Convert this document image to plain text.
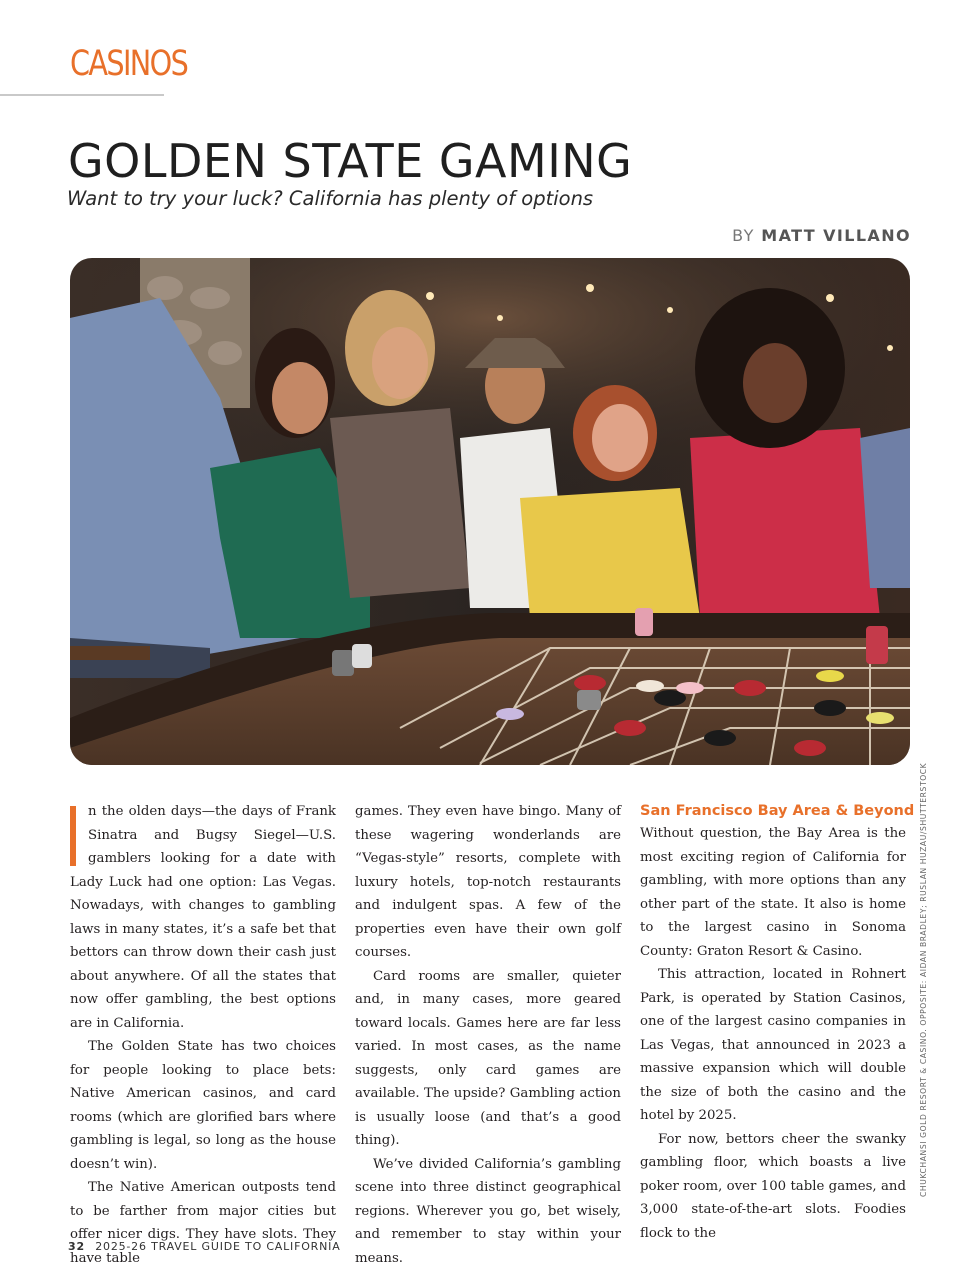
CASINOS
GOLDEN STATE GAMING
Want to try your luck? California has plenty of options
BY MATT VILLANO
CHUKCHANSI GOLD RESORT & CASINO. OPPOSITE: AIDAN BRADLEY; RUSLAN HUZAU/SHUTTERSTOCK

n the olden days—the days of Frank Sinatra and Bugsy Siegel—U.S. gamblers looking for a date with Lady Luck had one option: Las Vegas. Nowadays, with changes to gambling laws in many states, it’s a safe bet that bettors can throw down their cash just about anywhere. Of all the states that now offer gambling, the best options are in California.

The Golden State has two choices for people looking to place bets: Native American casinos, and card rooms (which are glorified bars where gambling is legal, so long as the house doesn’t win).

The Native American outposts tend to be farther from major cities but offer nicer digs. They have slots. They have table

games. They even have bingo. Many of these wagering wonderlands are “Vegas-style” resorts, complete with luxury hotels, top-notch restaurants and indulgent spas. A few of the properties even have their own golf courses.

Card rooms are smaller, quieter and, in many cases, more geared toward locals. Games here are far less varied. In most cases, as the name suggests, only card games are available. The upside? Gambling action is usually loose (and that’s a good thing).

We’ve divided California’s gambling scene into three distinct geographical regions. Wherever you go, bet wisely, and remember to stay within your means.

San Francisco Bay Area & Beyond

Without question, the Bay Area is the most exciting region of California for gambling, with more options than any other part of the state. It also is home to the largest casino in Sonoma County: Graton Resort & Casino.

This attraction, located in Rohnert Park, is operated by Station Casinos, one of the largest casino companies in Las Vegas, that announced in 2023 a massive expansion which will double the size of both the casino and the hotel by 2025.

For now, bettors cheer the swanky gambling floor, which boasts a live poker room, over 100 table games, and 3,000 state-of-the-art slots. Foodies flock to the

32 2025-26 TRAVEL GUIDE TO CALIFORNIA
